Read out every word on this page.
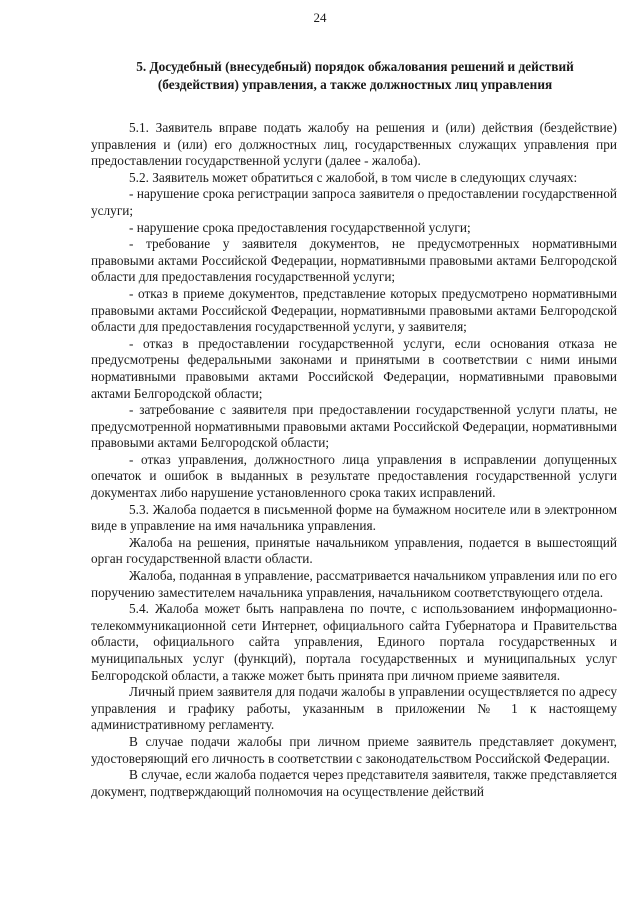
24
5. Досудебный (внесудебный) порядок обжалования решений и действий (бездействия) управления, а также должностных лиц управления

5.1. Заявитель вправе подать жалобу на решения и (или) действия (бездействие) управления и (или) его должностных лиц, государственных служащих управления при предоставлении государственной услуги (далее - жалоба).

5.2. Заявитель может обратиться с жалобой, в том числе в следующих случаях:

- нарушение срока регистрации запроса заявителя о предоставлении государственной услуги;

- нарушение срока предоставления государственной услуги;

- требование у заявителя документов, не предусмотренных нормативными правовыми актами Российской Федерации, нормативными правовыми актами Белгородской области для предоставления государственной услуги;

- отказ в приеме документов, представление которых предусмотрено нормативными правовыми актами Российской Федерации, нормативными правовыми актами Белгородской области для предоставления государственной услуги, у заявителя;

- отказ в предоставлении государственной услуги, если основания отказа не предусмотрены федеральными законами и принятыми в соответствии с ними иными нормативными правовыми актами Российской Федерации, нормативными правовыми актами Белгородской области;

- затребование с заявителя при предоставлении государственной услуги платы, не предусмотренной нормативными правовыми актами Российской Федерации, нормативными правовыми актами Белгородской области;

- отказ управления, должностного лица управления в исправлении допущенных опечаток и ошибок в выданных в результате предоставления государственной услуги документах либо нарушение установленного срока таких исправлений.

5.3. Жалоба подается в письменной форме на бумажном носителе или в электронном виде в управление на имя начальника управления.

Жалоба на решения, принятые начальником управления, подается в вышестоящий орган государственной власти области.

Жалоба, поданная в управление, рассматривается начальником управления или по его поручению заместителем начальника управления, начальником соответствующего отдела.

5.4. Жалоба может быть направлена по почте, с использованием информационно-телекоммуникационной сети Интернет, официального сайта Губернатора и Правительства области, официального сайта управления, Единого портала государственных и муниципальных услуг (функций), портала государственных и муниципальных услуг Белгородской области, а также может быть принята при личном приеме заявителя.

Личный прием заявителя для подачи жалобы в управлении осуществляется по адресу управления и графику работы, указанным в приложении № 1 к настоящему административному регламенту.

В случае подачи жалобы при личном приеме заявитель представляет документ, удостоверяющий его личность в соответствии с законодательством Российской Федерации.

В случае, если жалоба подается через представителя заявителя, также представляется документ, подтверждающий полномочия на осуществление действий
